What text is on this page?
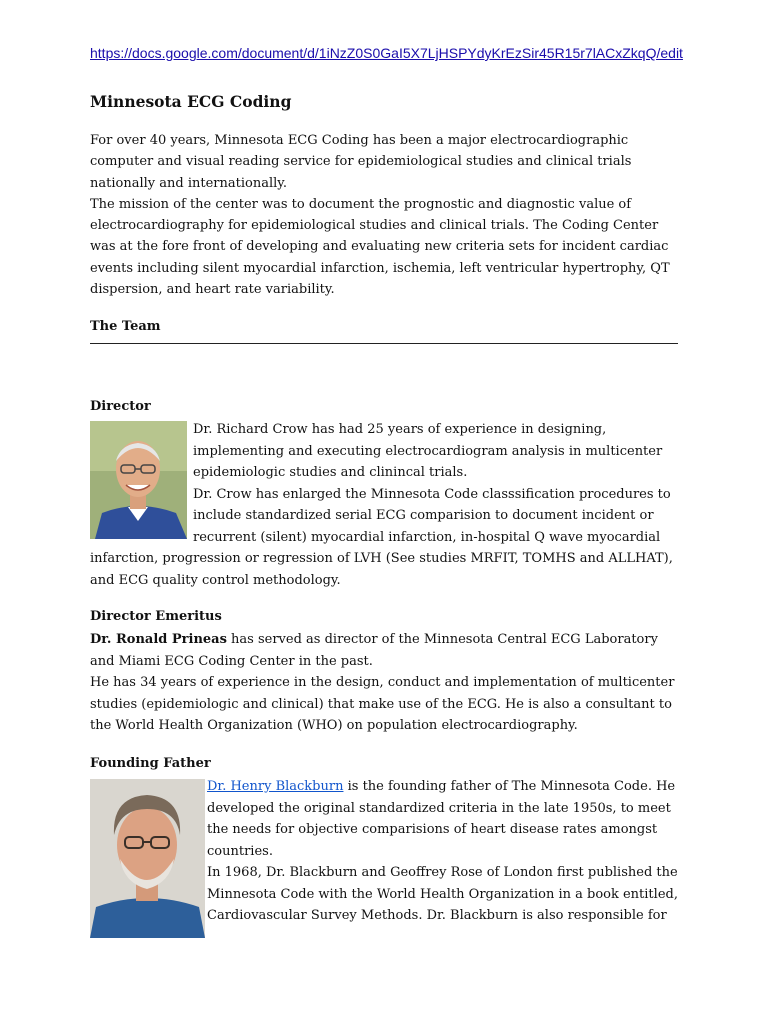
https://docs.google.com/document/d/1iNzZ0S0GaI5X7LjHSPYdyKrEzSir45R15r7lACxZkqQ/edit
Minnesota ECG Coding

For over 40 years, Minnesota ECG Coding has been a major electrocardiographic computer and visual reading service for epidemiological studies and clinical trials nationally and internationally.

The mission of the center was to document the prognostic and diagnostic value of electrocardiography for epidemiological studies and clinical trials. The Coding Center was at the fore front of developing and evaluating new criteria sets for incident cardiac events including silent myocardial infarction, ischemia, left ventricular hypertrophy, QT dispersion, and heart rate variability.

The Team
Director

Dr. Richard Crow has had 25 years of experience in designing, implementing and executing electrocardiogram analysis in multicenter epidemiologic studies and clinincal trials.

Dr. Crow has enlarged the Minnesota Code classsification procedures to include standardized serial ECG comparision to document incident or recurrent (silent) myocardial infarction, in-hospital Q wave myocardial infarction, progression or regression of LVH (See studies MRFIT, TOMHS and ALLHAT), and ECG quality control methodology.

Director Emeritus

Dr. Ronald Prineas has served as director of the Minnesota Central ECG Laboratory and Miami ECG Coding Center in the past.

He has 34 years of experience in the design, conduct and implementation of multicenter studies (epidemiologic and clinical) that make use of the ECG. He is also a consultant to the World Health Organization (WHO) on population electrocardiography.

Founding Father

Dr. Henry Blackburn is the founding father of The Minnesota Code. He developed the original standardized criteria in the late 1950s, to meet the needs for objective comparisions of heart disease rates amongst countries.

In 1968, Dr. Blackburn and Geoffrey Rose of London first published the Minnesota Code with the World Health Organization in a book entitled, Cardiovascular Survey Methods. Dr. Blackburn is also responsible for
